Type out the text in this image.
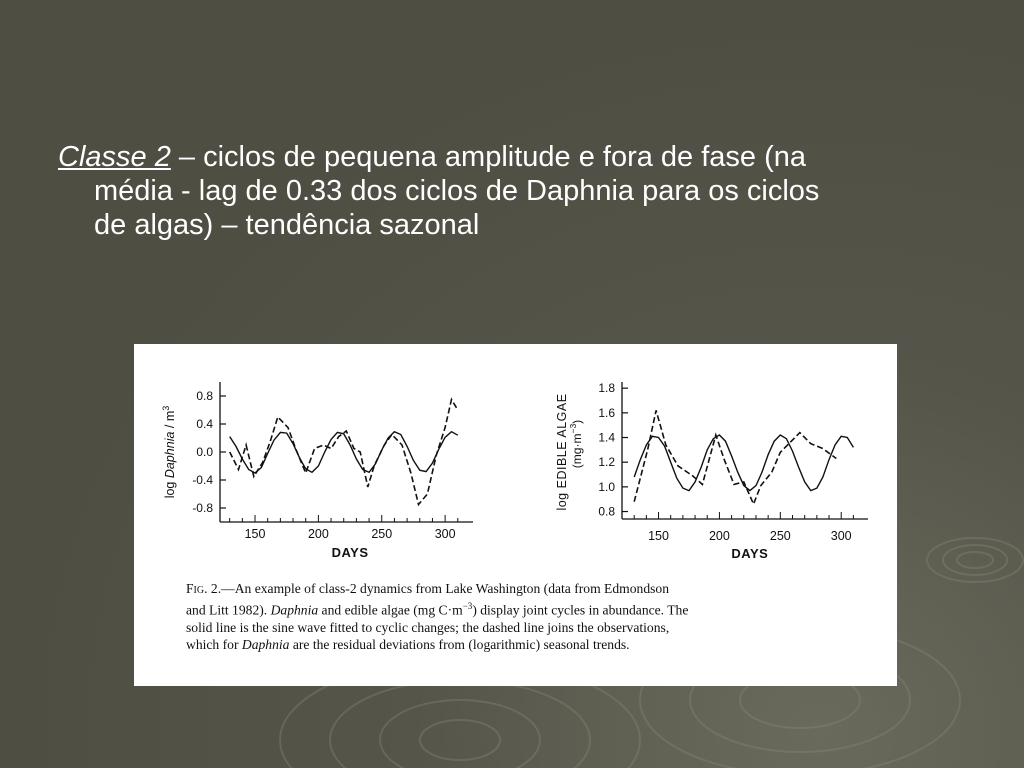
Classe 2 – ciclos de pequena amplitude e fora de fase (na
média - lag de 0.33 dos ciclos de Daphnia para os ciclos
de algas) – tendência sazonal
0.8
0.4
0.0
-0.4
-0.8
150	200	250	300
DAYS
log Daphnia / $m^3$
1.8
1.6
1.4
1.2
1.0
0.8
150	200	250	300
DAYS
log EDIBLE ALGAE $(mg\cdot m^{-3})$
Fig. 2.—An example of class-2 dynamics from Lake Washington (data from Edmondson
and Litt 1982). Daphnia and edible algae (mg $C\cdot m^{-3}$) display joint cycles in abundance. The
solid line is the sine wave fitted to cyclic changes; the dashed line joins the observations,
which for Daphnia are the residual deviations from (logarithmic) seasonal trends.
